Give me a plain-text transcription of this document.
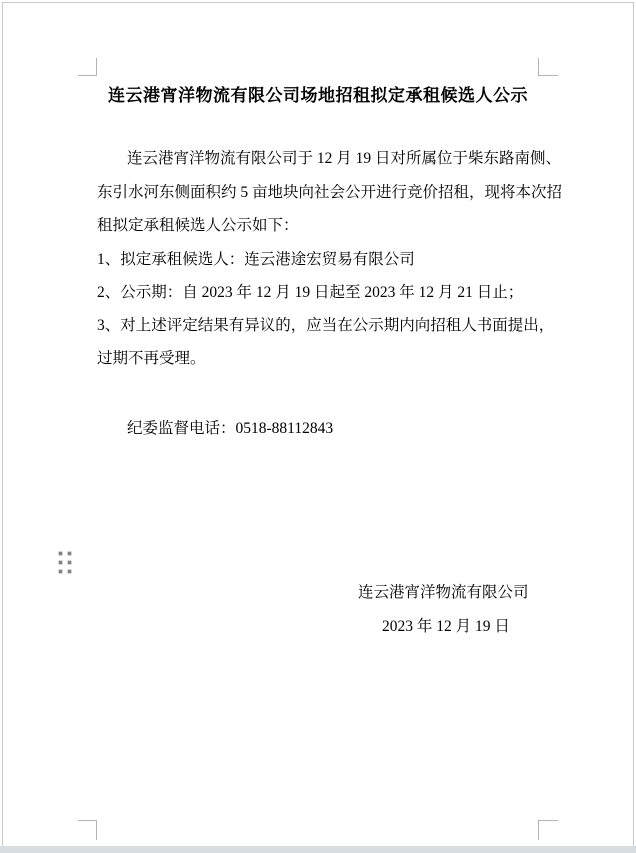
连云港宵洋物流有限公司场地招租拟定承租候选人公示
连云港宵洋物流有限公司于 12 月 19 日对所属位于柴东路南侧、
东引水河东侧面积约 5 亩地块向社会公开进行竞价招租，现将本次招
租拟定承租候选人公示如下：
1、拟定承租候选人：连云港途宏贸易有限公司
2、公示期：自 2023 年 12 月 19 日起至 2023 年 12 月 21 日止；
3、对上述评定结果有异议的，应当在公示期内向招租人书面提出，
过期不再受理。
纪委监督电话：0518-88112843
连云港宵洋物流有限公司
2023 年 12 月 19 日
